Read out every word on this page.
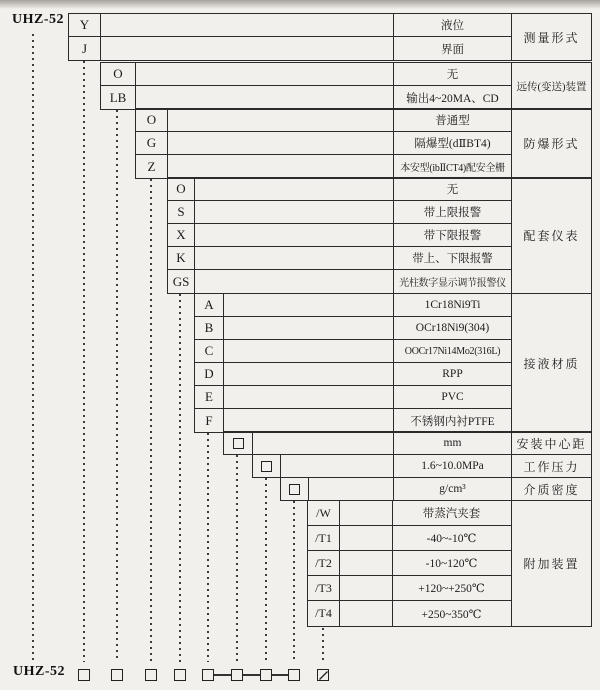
UHZ-52	Y	液位
J	界面
测量形式
O	无
LB	输出4~20MA、CD
远传(变送)装置
O	普通型
G	隔爆型(dⅡBT4)
Z	本安型(ibⅡCT4)配安全栅
防爆形式
O	无
S	带上限报警
X	带下限报警
K	带上、下限报警
GS	光柱数字显示调节报警仪
配套仪表
A	1Cr18Ni9Ti
B	OCr18Ni9(304)
C	OOCr17Ni14Mo2(316L)
D	RPP
E	PVC
F	不锈钢内衬PTFE
接液材质
mm	安装中心距
1.6~10.0MPa	工作压力
g/cm³	介质密度
/W	带蒸汽夹套
/T1	-40~-10℃
/T2	-10~120℃
/T3	+120~+250℃
/T4	+250~350℃
附加装置
UHZ-52
